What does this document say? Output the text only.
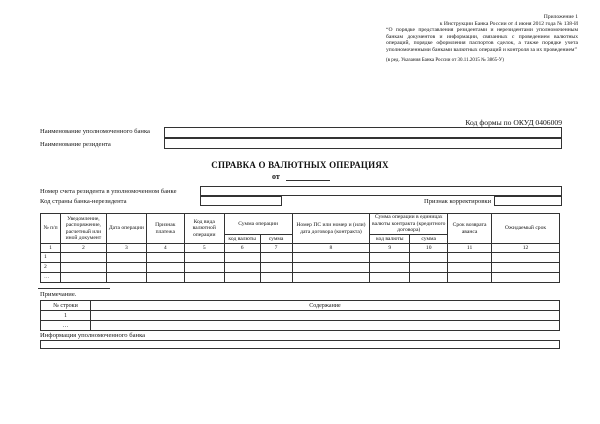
Приложение 1
к Инструкции Банка России от 4 июня 2012 года № 138-И
“О порядке представления резидентами и нерезидентами уполномоченным банкам документов и информации, связанных с проведением валютных операций, порядке оформления паспортов сделок, а также порядке учета уполномоченными банками валютных операций и контроля за их проведением”
(в ред. Указания Банка России от 30.11.2015 № 3865-У)
Код формы по ОКУД 0406009
Наименование уполномоченного банка
Наименование резидента
СПРАВКА О ВАЛЮТНЫХ ОПЕРАЦИЯХ
от
Номер счета резидента в уполномоченном банке
Код страны банка-нерезидента	Признак корректировки
№ п/п	Уведомление, распоряжение, расчетный или иной документ	Дата операции	Признак платежа	Код вида валютной операции	Сумма операции		Номер ПС или номер и (или) дата договора (контракта)	Сумма операции в единицах валюты контракта (кредитного договора)		Срок возврата аванса	Ожидаемый срок
					код валюты	сумма		код валюты	сумма		
1	2	3	4	5	6	7	8	9	10	11	12
1											
2											
…											
Примечание.
№ строки	Содержание
1	
…	
Информация уполномоченного банка
